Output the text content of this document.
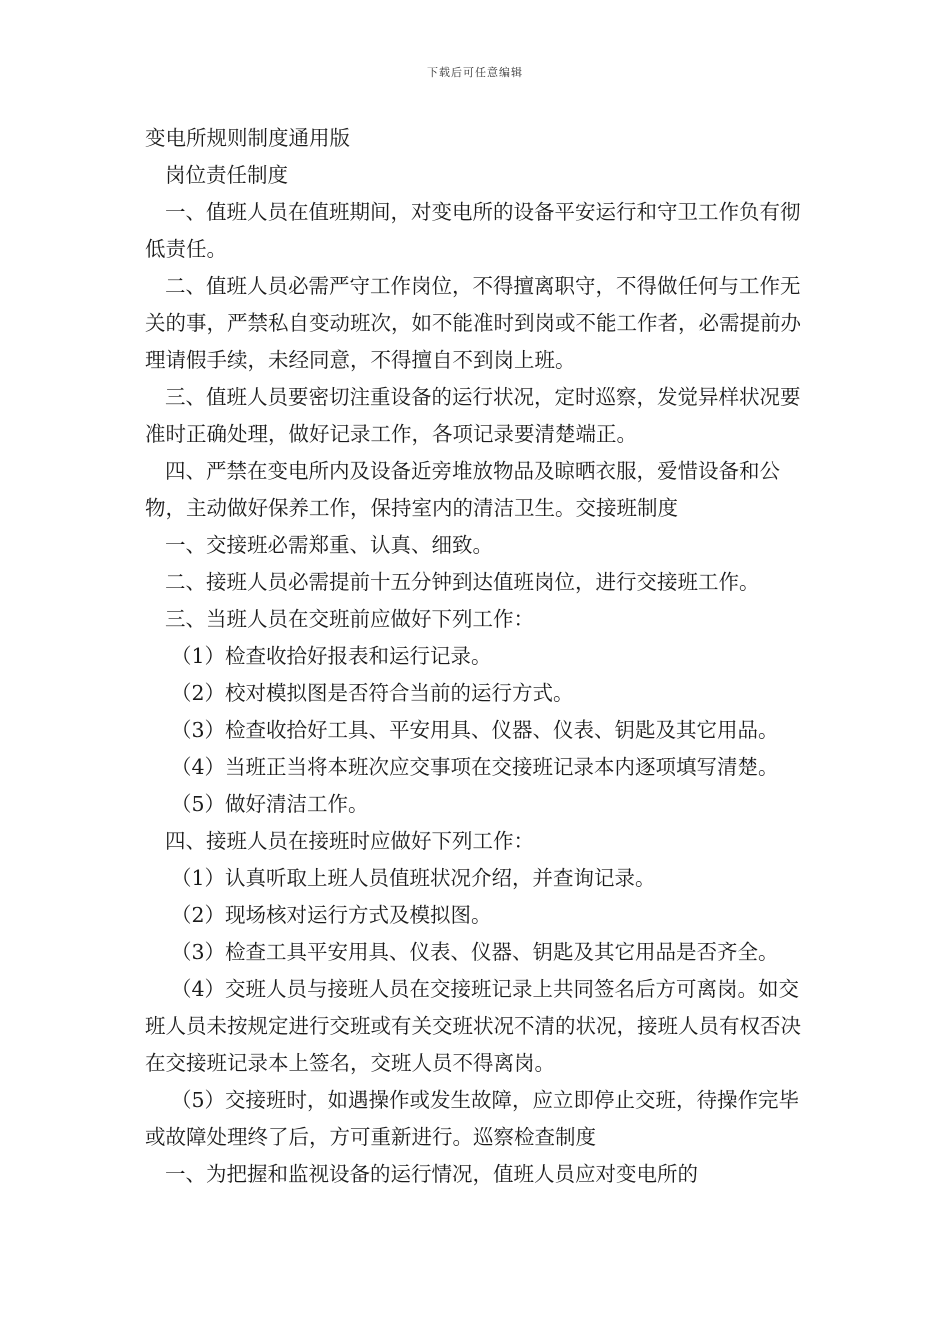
下载后可任意编辑

变电所规则制度通用版

岗位责任制度

一、值班人员在值班期间，对变电所的设备平安运行和守卫工作负有彻低责任。

二、值班人员必需严守工作岗位，不得擅离职守，不得做任何与工作无关的事，严禁私自变动班次，如不能准时到岗或不能工作者，必需提前办理请假手续，未经同意，不得擅自不到岗上班。

三、值班人员要密切注重设备的运行状况，定时巡察，发觉异样状况要准时正确处理，做好记录工作，各项记录要清楚端正。

四、严禁在变电所内及设备近旁堆放物品及晾晒衣服，爱惜设备和公物，主动做好保养工作，保持室内的清洁卫生。交接班制度

一、交接班必需郑重、认真、细致。

二、接班人员必需提前十五分钟到达值班岗位，进行交接班工作。

三、当班人员在交班前应做好下列工作：

（1）检查收拾好报表和运行记录。

（2）校对模拟图是否符合当前的运行方式。

（3）检查收拾好工具、平安用具、仪器、仪表、钥匙及其它用品。

（4）当班正当将本班次应交事项在交接班记录本内逐项填写清楚。

（5）做好清洁工作。

四、接班人员在接班时应做好下列工作：

（1）认真听取上班人员值班状况介绍，并查询记录。

（2）现场核对运行方式及模拟图。

（3）检查工具平安用具、仪表、仪器、钥匙及其它用品是否齐全。

（4）交班人员与接班人员在交接班记录上共同签名后方可离岗。如交班人员未按规定进行交班或有关交班状况不清的状况，接班人员有权否决在交接班记录本上签名，交班人员不得离岗。

（5）交接班时，如遇操作或发生故障，应立即停止交班，待操作完毕或故障处理终了后，方可重新进行。巡察检查制度

一、为把握和监视设备的运行情况，值班人员应对变电所的
